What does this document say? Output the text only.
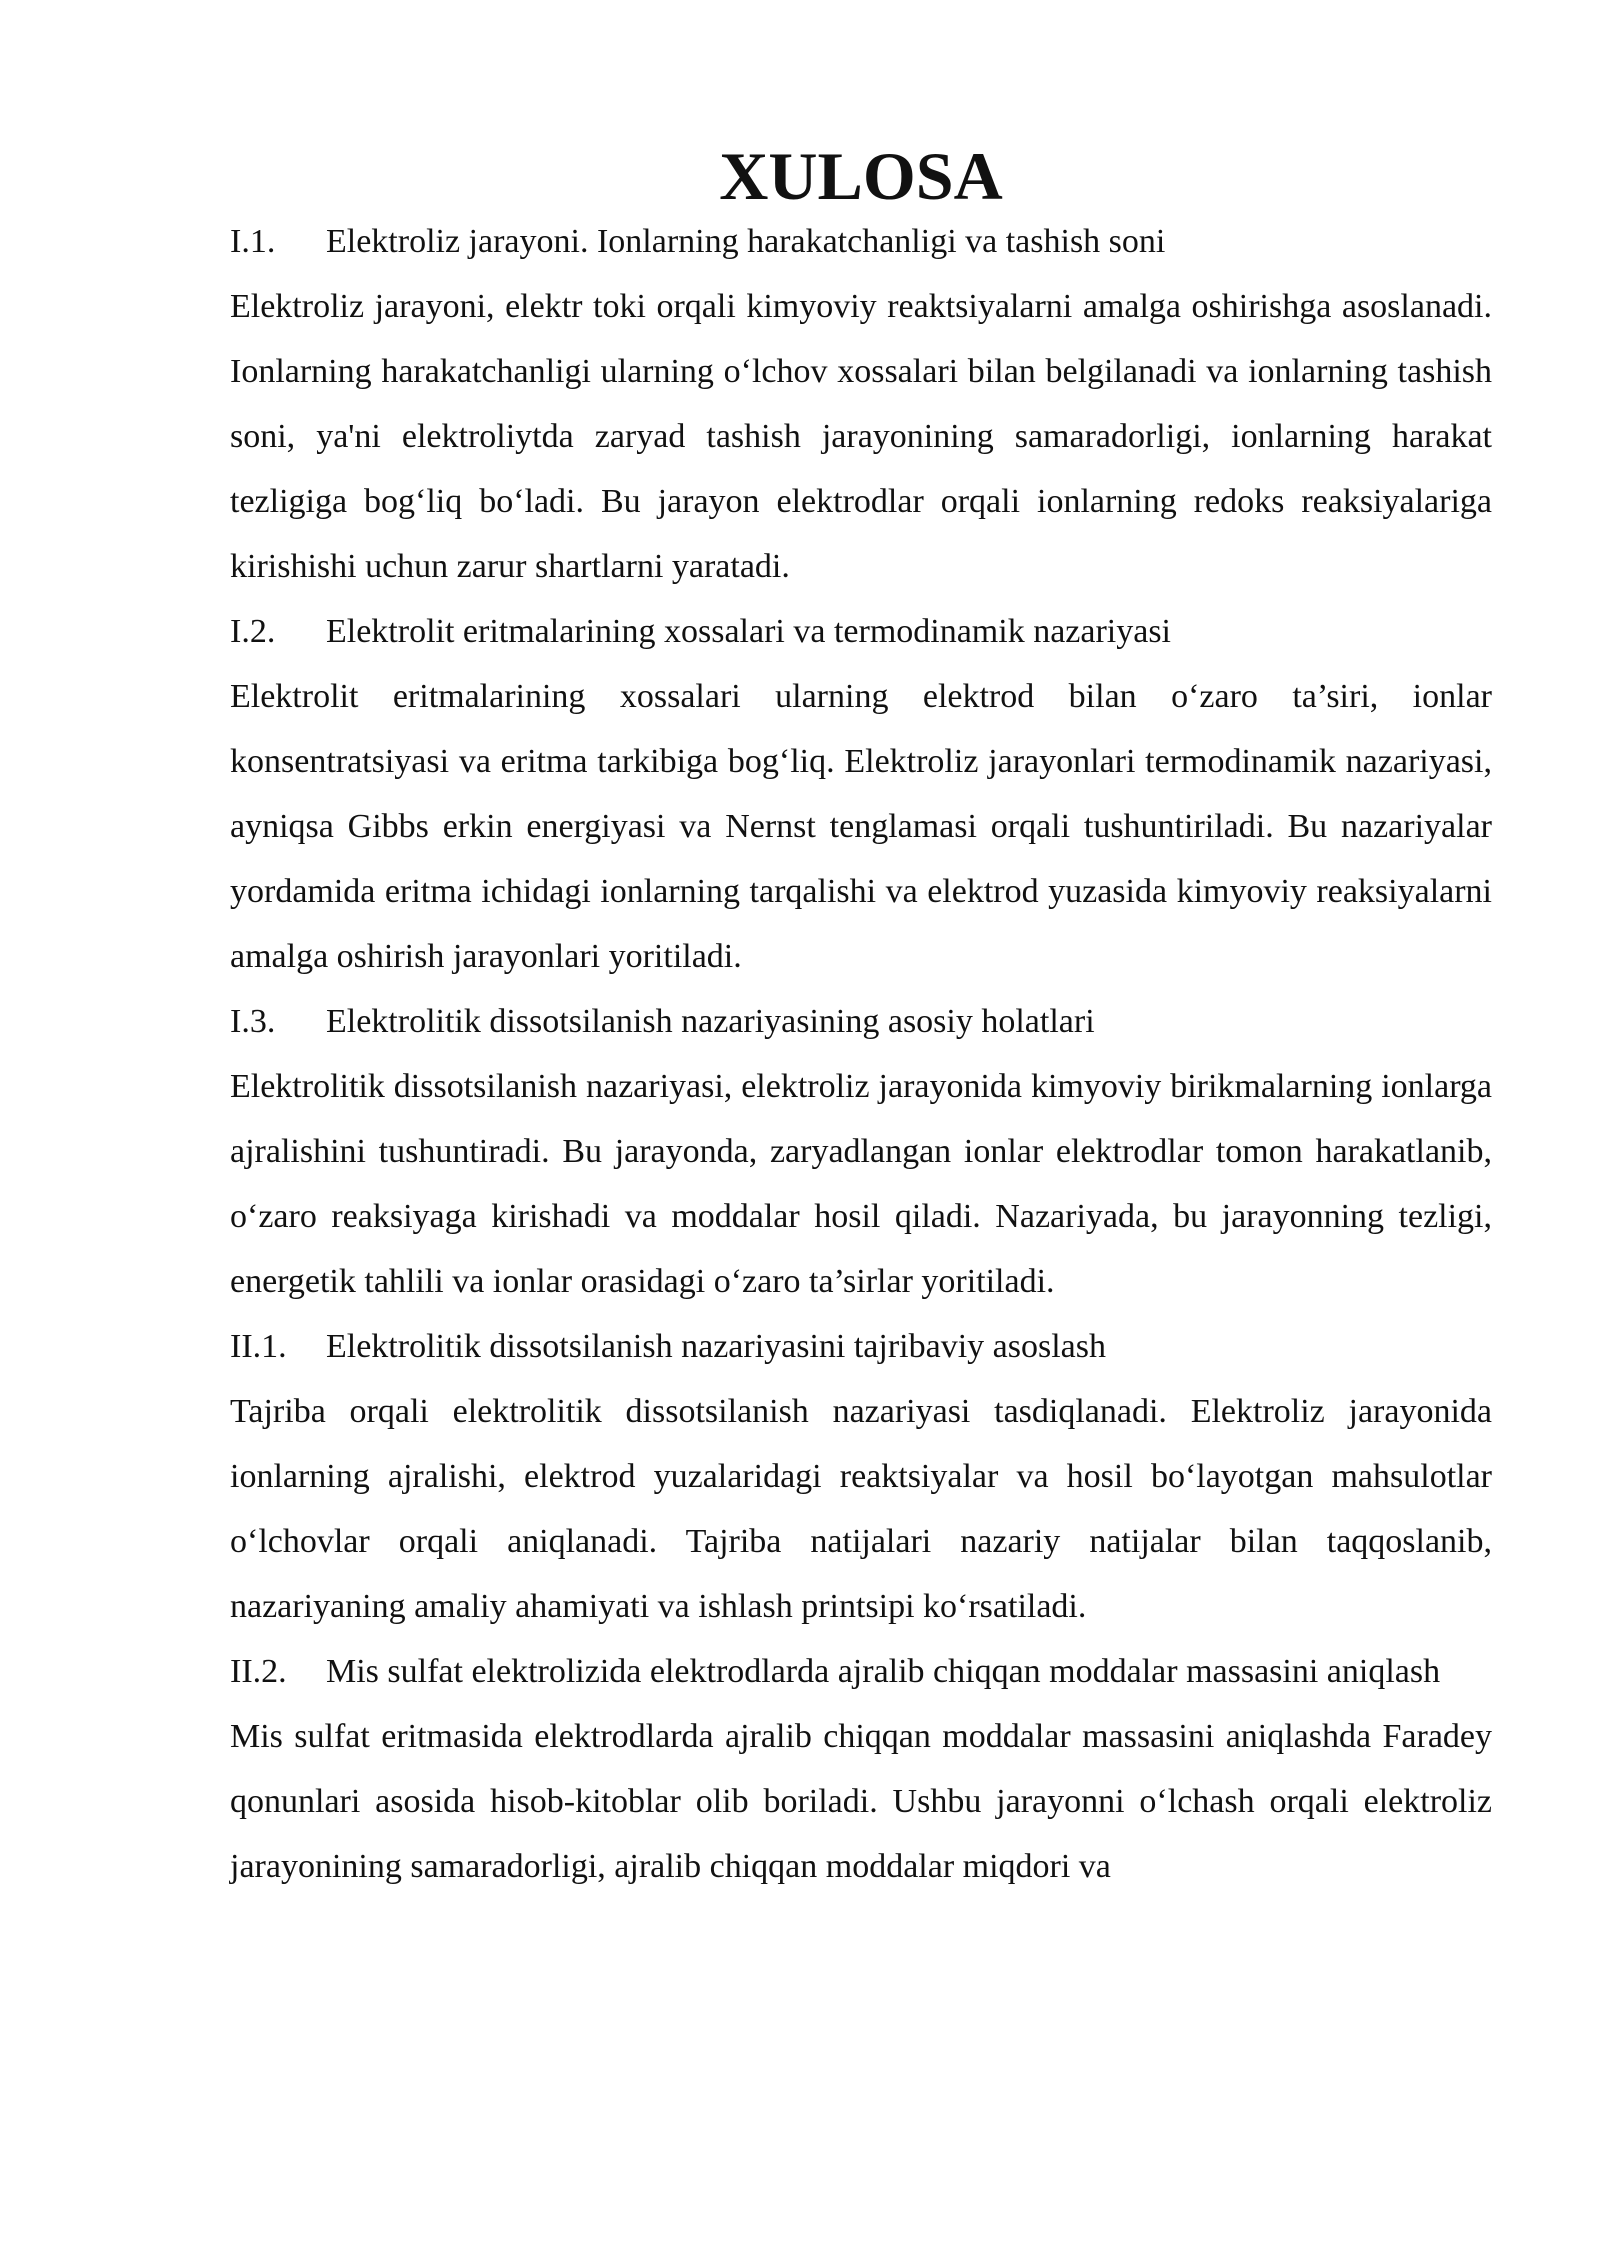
XULOSA
I.1.	Elektroliz jarayoni. Ionlarning harakatchanligi va tashish soni

Elektroliz jarayoni, elektr toki orqali kimyoviy reaktsiyalarni amalga oshirishga asoslanadi. Ionlarning harakatchanligi ularning o‘lchov xossalari bilan belgilanadi va ionlarning tashish soni, ya'ni elektroliytda zaryad tashish jarayonining samaradorligi, ionlarning harakat tezligiga bog‘liq bo‘ladi. Bu jarayon elektrodlar orqali ionlarning redoks reaksiyalariga kirishishi uchun zarur shartlarni yaratadi.

I.2.	Elektrolit eritmalarining xossalari va termodinamik nazariyasi

Elektrolit eritmalarining xossalari ularning elektrod bilan o‘zaro ta’siri, ionlar konsentratsiyasi va eritma tarkibiga bog‘liq. Elektroliz jarayonlari termodinamik nazariyasi, ayniqsa Gibbs erkin energiyasi va Nernst tenglamasi orqali tushuntiriladi. Bu nazariyalar yordamida eritma ichidagi ionlarning tarqalishi va elektrod yuzasida kimyoviy reaksiyalarni amalga oshirish jarayonlari yoritiladi.

I.3.	Elektrolitik dissotsilanish nazariyasining asosiy holatlari

Elektrolitik dissotsilanish nazariyasi, elektroliz jarayonida kimyoviy birikmalarning ionlarga ajralishini tushuntiradi. Bu jarayonda, zaryadlangan ionlar elektrodlar tomon harakatlanib, o‘zaro reaksiyaga kirishadi va moddalar hosil qiladi. Nazariyada, bu jarayonning tezligi, energetik tahlili va ionlar orasidagi o‘zaro ta’sirlar yoritiladi.

II.1.	Elektrolitik dissotsilanish nazariyasini tajribaviy asoslash

Tajriba orqali elektrolitik dissotsilanish nazariyasi tasdiqlanadi. Elektroliz jarayonida ionlarning ajralishi, elektrod yuzalaridagi reaktsiyalar va hosil bo‘layotgan mahsulotlar o‘lchovlar orqali aniqlanadi. Tajriba natijalari nazariy natijalar bilan taqqoslanib, nazariyaning amaliy ahamiyati va ishlash printsipi ko‘rsatiladi.

II.2.	Mis sulfat elektrolizida elektrodlarda ajralib chiqqan moddalar massasini aniqlash

Mis sulfat eritmasida elektrodlarda ajralib chiqqan moddalar massasini aniqlashda Faradey qonunlari asosida hisob-kitoblar olib boriladi. Ushbu jarayonni o‘lchash orqali elektroliz jarayonining samaradorligi, ajralib chiqqan moddalar miqdori va
